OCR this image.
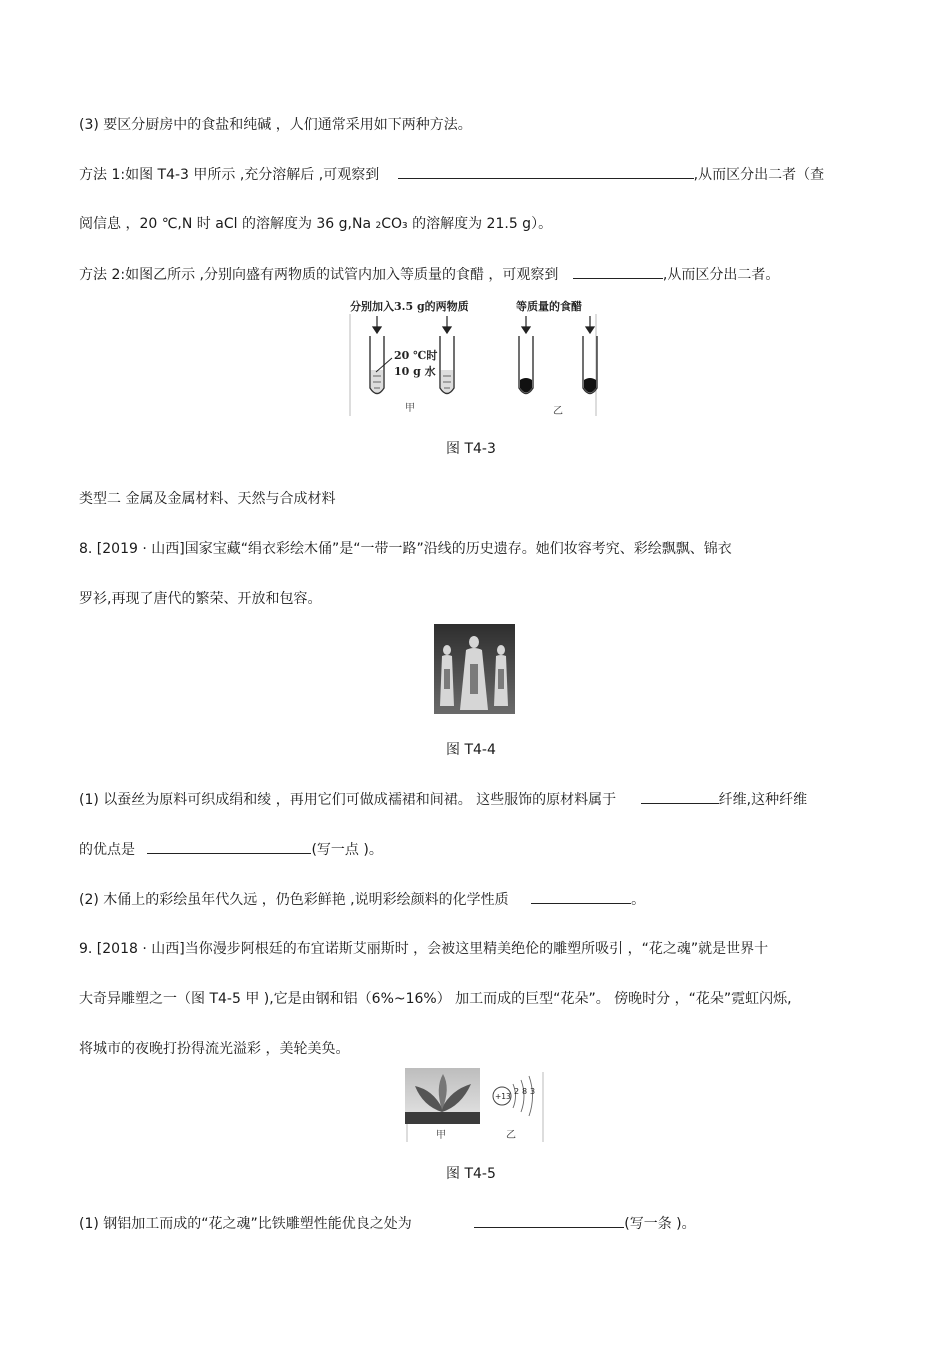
(3) 要区分厨房中的食盐和纯碱 ，人们通常采用如下两种方法。
方法 1:如图 T4-3 甲所示 ,充分溶解后 ,可观察到	,从而区分出二者（查
阅信息 ，20 ℃,N 时 aCl 的溶解度为 36 g,Na 2CO₃ 的溶解度为 21.5 g）。
方法 2:如图乙所示 ,分别向盛有两物质的试管内加入等质量的食醋 ，可观察到	,从而区分出二者。
分别加入3.5 g的两物质	等质量的食醋
20 ℃时
10 g 水
甲	乙
图 T4-3
类型二 金属及金属材料、天然与合成材料
8. [2019 · 山西]国家宝藏“绢衣彩绘木俑”是“一带一路”沿线的历史遗存。她们妆容考究、彩绘飘飘、锦衣
罗衫,再现了唐代的繁荣、开放和包容。
图 T4-4
(1) 以蚕丝为原料可织成绢和绫 ，再用它们可做成襦裙和间裙。 这些服饰的原材料属于	纤维,这种纤维
的优点是	(写一点 )。
(2) 木俑上的彩绘虽年代久远 ，仍色彩鲜艳 ,说明彩绘颜料的化学性质	。
9. [2018 · 山西]当你漫步阿根廷的布宜诺斯艾丽斯时 ，会被这里精美绝伦的雕塑所吸引 ，“花之魂”就是世界十
大奇异雕塑之一（图 T4-5 甲 ),它是由钢和铝（6%~16%） 加工而成的巨型“花朵”。 傍晚时分 ，“花朵”霓虹闪烁,
将城市的夜晚打扮得流光溢彩 ，美轮美奂。
+13
2 8 3
甲	乙
图 T4-5
(1) 钢铝加工而成的“花之魂”比铁雕塑性能优良之处为	(写一条 )。
